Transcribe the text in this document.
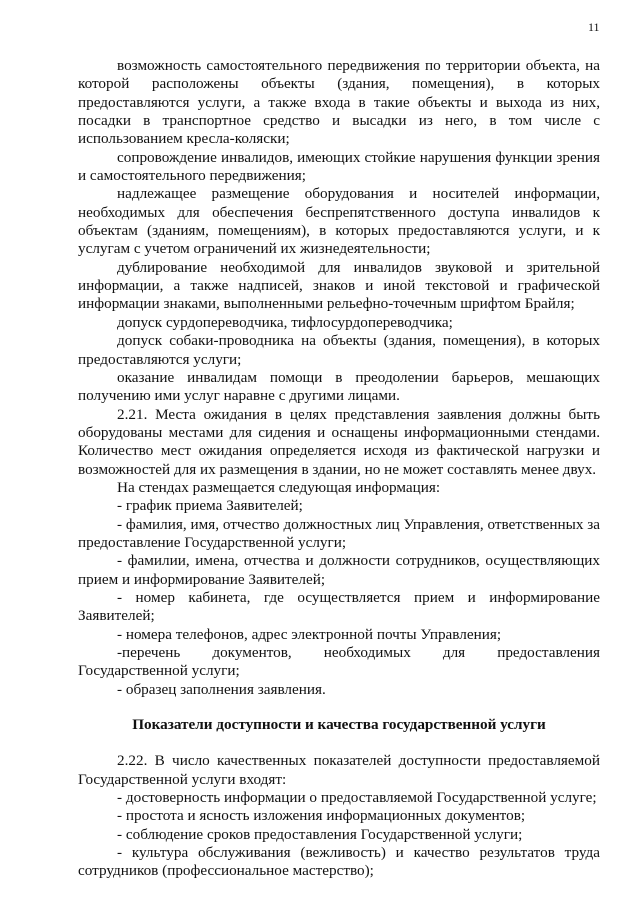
11

возможность самостоятельного передвижения по территории объекта, на которой расположены объекты (здания, помещения), в которых предоставляются услуги, а также входа в такие объекты и выхода из них, посадки в транспортное средство и высадки из него, в том числе с использованием кресла-коляски;

сопровождение инвалидов, имеющих стойкие нарушения функции зрения и самостоятельного передвижения;

надлежащее размещение оборудования и носителей информации, необходимых для обеспечения беспрепятственного доступа инвалидов к объектам (зданиям, помещениям), в которых предоставляются услуги, и к услугам с учетом ограничений их жизнедеятельности;

дублирование необходимой для инвалидов звуковой и зрительной информации, а также надписей, знаков и иной текстовой и графической информации знаками, выполненными рельефно-точечным шрифтом Брайля;

допуск сурдопереводчика, тифлосурдопереводчика;

допуск собаки-проводника на объекты (здания, помещения), в которых предоставляются услуги;

оказание инвалидам помощи в преодолении барьеров, мешающих получению ими услуг наравне с другими лицами.

2.21. Места ожидания в целях представления заявления должны быть оборудованы местами для сидения и оснащены информационными стендами. Количество мест ожидания определяется исходя из фактической нагрузки и возможностей для их размещения в здании, но не может составлять менее двух.

На стендах размещается следующая информация:

- график приема Заявителей;

- фамилия, имя, отчество должностных лиц Управления, ответственных за предоставление Государственной услуги;

- фамилии, имена, отчества и должности сотрудников, осуществляющих прием и информирование Заявителей;

- номер кабинета, где осуществляется прием и информирование Заявителей;

- номера телефонов, адрес электронной почты Управления;

-перечень документов, необходимых для предоставления Государственной услуги;

- образец заполнения заявления.

Показатели доступности и качества государственной услуги

2.22. В число качественных показателей доступности предоставляемой Государственной услуги входят:

- достоверность информации о предоставляемой Государственной услуге;

- простота и ясность изложения информационных документов;

- соблюдение сроков предоставления Государственной услуги;

- культура обслуживания (вежливость) и качество результатов труда сотрудников (профессиональное мастерство);
